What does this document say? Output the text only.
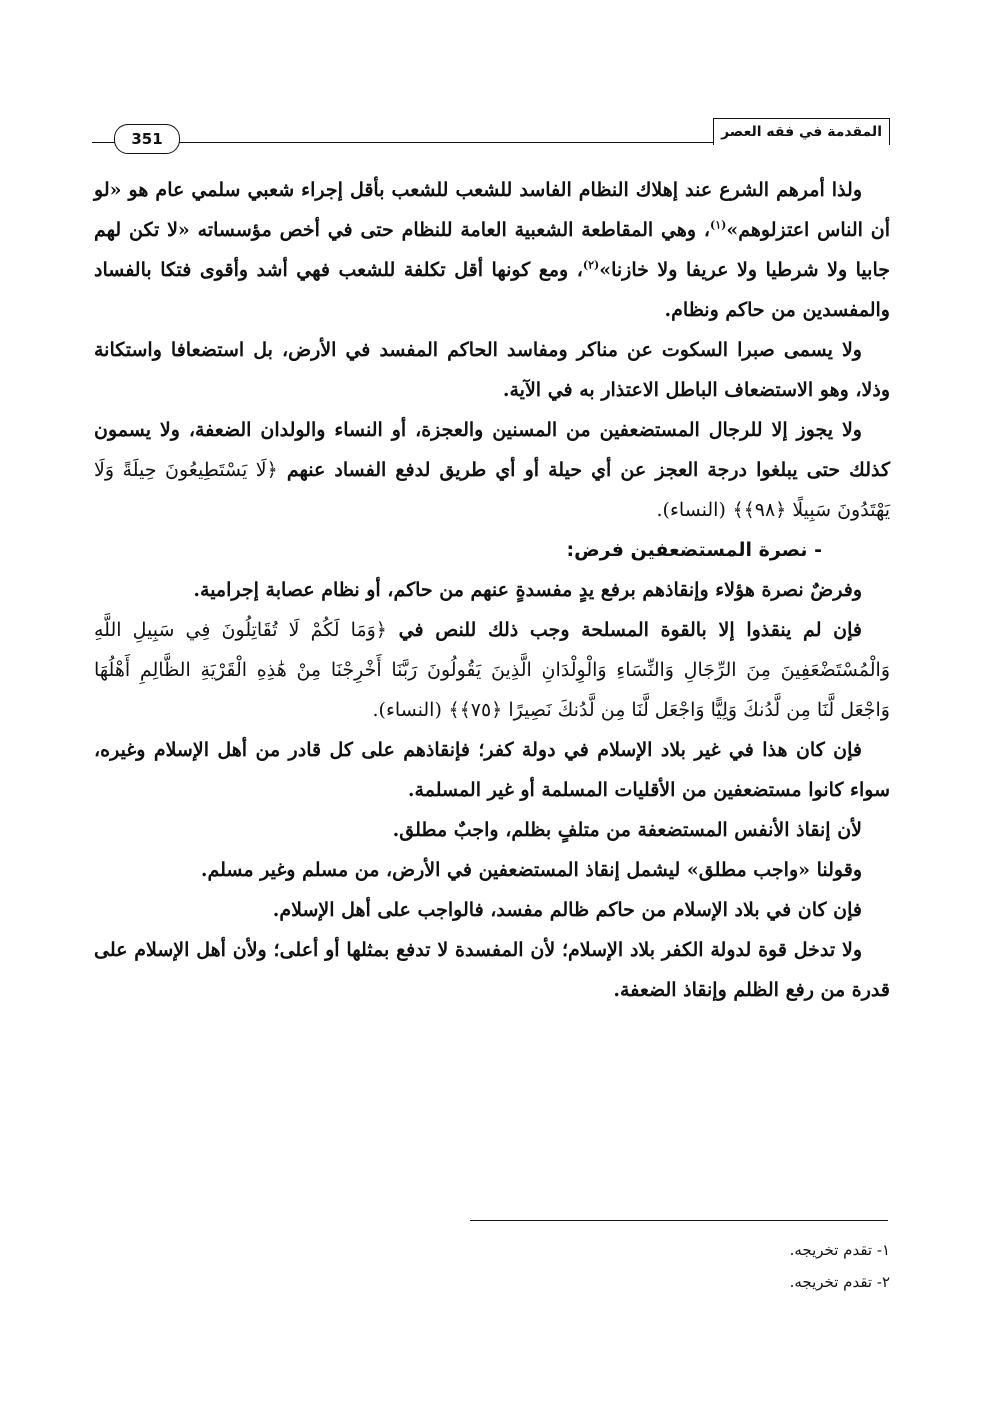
المقدمة في فقه العصر
351

ولذا أمرهم الشرع عند إهلاك النظام الفاسد للشعب للشعب بأقل إجراء شعبي سلمي عام هو «لو أن الناس اعتزلوهم»$^{(١)}$، وهي المقاطعة الشعبية العامة للنظام حتى في أخص مؤسساته «لا تكن لهم جابيا ولا شرطيا ولا عريفا ولا خازنا»$^{(٢)}$، ومع كونها أقل تكلفة للشعب فهي أشد وأقوى فتكا بالفساد والمفسدين من حاكم ونظام.

ولا يسمى صبرا السكوت عن مناكر ومفاسد الحاكم المفسد في الأرض، بل استضعافا واستكانة وذلا، وهو الاستضعاف الباطل الاعتذار به في الآية.

ولا يجوز إلا للرجال المستضعفين من المسنين والعجزة، أو النساء والولدان الضعفة، ولا يسمون كذلك حتى يبلغوا درجة العجز عن أي حيلة أو أي طريق لدفع الفساد عنهم ﴿لَا يَسْتَطِيعُونَ حِيلَةً وَلَا يَهْتَدُونَ سَبِيلًا ﴿٩٨﴾﴾ (النساء).

- نصرة المستضعفين فرض:

وفرضٌ نصرة هؤلاء وإنقاذهم برفع يدٍ مفسدةٍ عنهم من حاكم، أو نظام عصابة إجرامية.

فإن لم ينقذوا إلا بالقوة المسلحة وجب ذلك للنص في ﴿وَمَا لَكُمْ لَا تُقَاتِلُونَ فِي سَبِيلِ اللَّهِ وَالْمُسْتَضْعَفِينَ مِنَ الرِّجَالِ وَالنِّسَاءِ وَالْوِلْدَانِ الَّذِينَ يَقُولُونَ رَبَّنَا أَخْرِجْنَا مِنْ هَٰذِهِ الْقَرْيَةِ الظَّالِمِ أَهْلُهَا وَاجْعَل لَّنَا مِن لَّدُنكَ وَلِيًّا وَاجْعَل لَّنَا مِن لَّدُنكَ نَصِيرًا ﴿٧٥﴾﴾ (النساء).

فإن كان هذا في غير بلاد الإسلام في دولة كفر؛ فإنقاذهم على كل قادر من أهل الإسلام وغيره، سواء كانوا مستضعفين من الأقليات المسلمة أو غير المسلمة.

لأن إنقاذ الأنفس المستضعفة من متلفٍ بظلم، واجبٌ مطلق.

وقولنا «واجب مطلق» ليشمل إنقاذ المستضعفين في الأرض، من مسلم وغير مسلم.

فإن كان في بلاد الإسلام من حاكم ظالم مفسد، فالواجب على أهل الإسلام.

ولا تدخل قوة لدولة الكفر بلاد الإسلام؛ لأن المفسدة لا تدفع بمثلها أو أعلى؛ ولأن أهل الإسلام على قدرة من رفع الظلم وإنقاذ الضعفة.

١- تقدم تخريجه.
٢- تقدم تخريجه.
